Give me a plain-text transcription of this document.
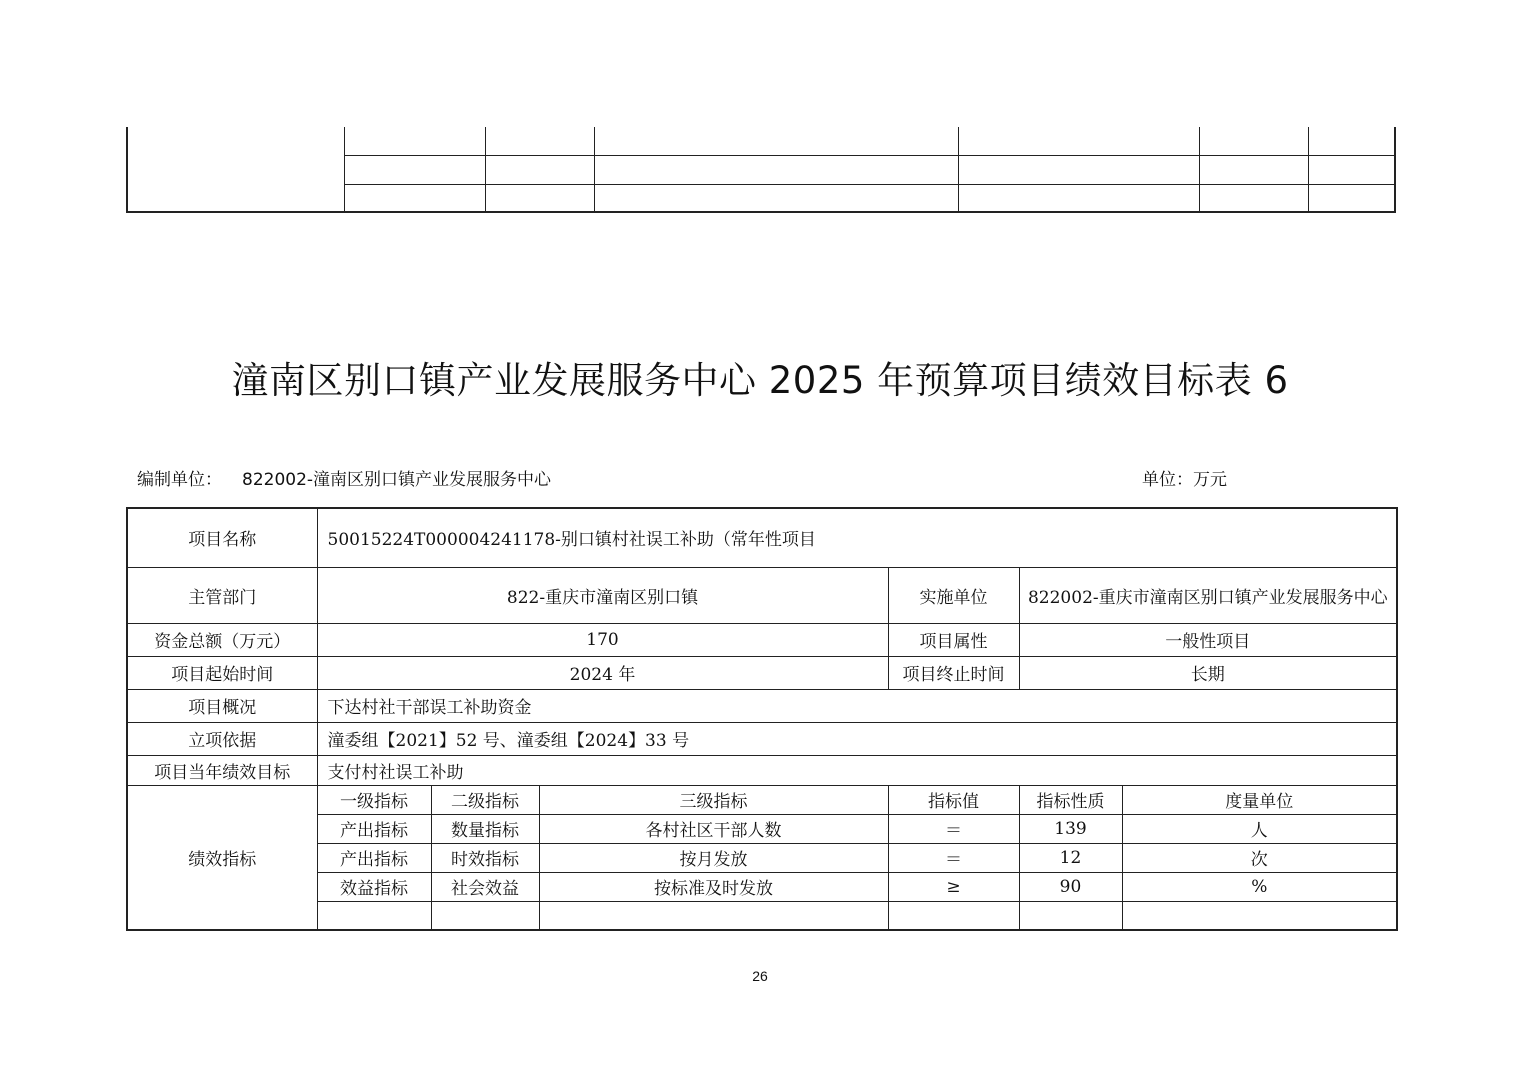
潼南区别口镇产业发展服务中心 2025 年预算项目绩效目标表 6
编制单位： 822002-潼南区别口镇产业发展服务中心	单位：万元
项目名称	50015224T000004241178-别口镇村社误工补助（常年性项目					
主管部门	822-重庆市潼南区别口镇			实施单位	822002-重庆市潼南区别口镇产业发展服务中心	
资金总额（万元）	170			项目属性	一般性项目	
项目起始时间	2024 年			项目终止时间	长期	
项目概况	下达村社干部误工补助资金					
立项依据	潼委组【2021】52 号、潼委组【2024】33 号					
项目当年绩效目标	支付村社误工补助					
绩效指标	一级指标	二级指标	三级指标	指标值	指标性质	度量单位
	产出指标	数量指标	各村社区干部人数	＝	139	人
	产出指标	时效指标	按月发放	＝	12	次
	效益指标	社会效益	按标准及时发放	≥	90	%

26
